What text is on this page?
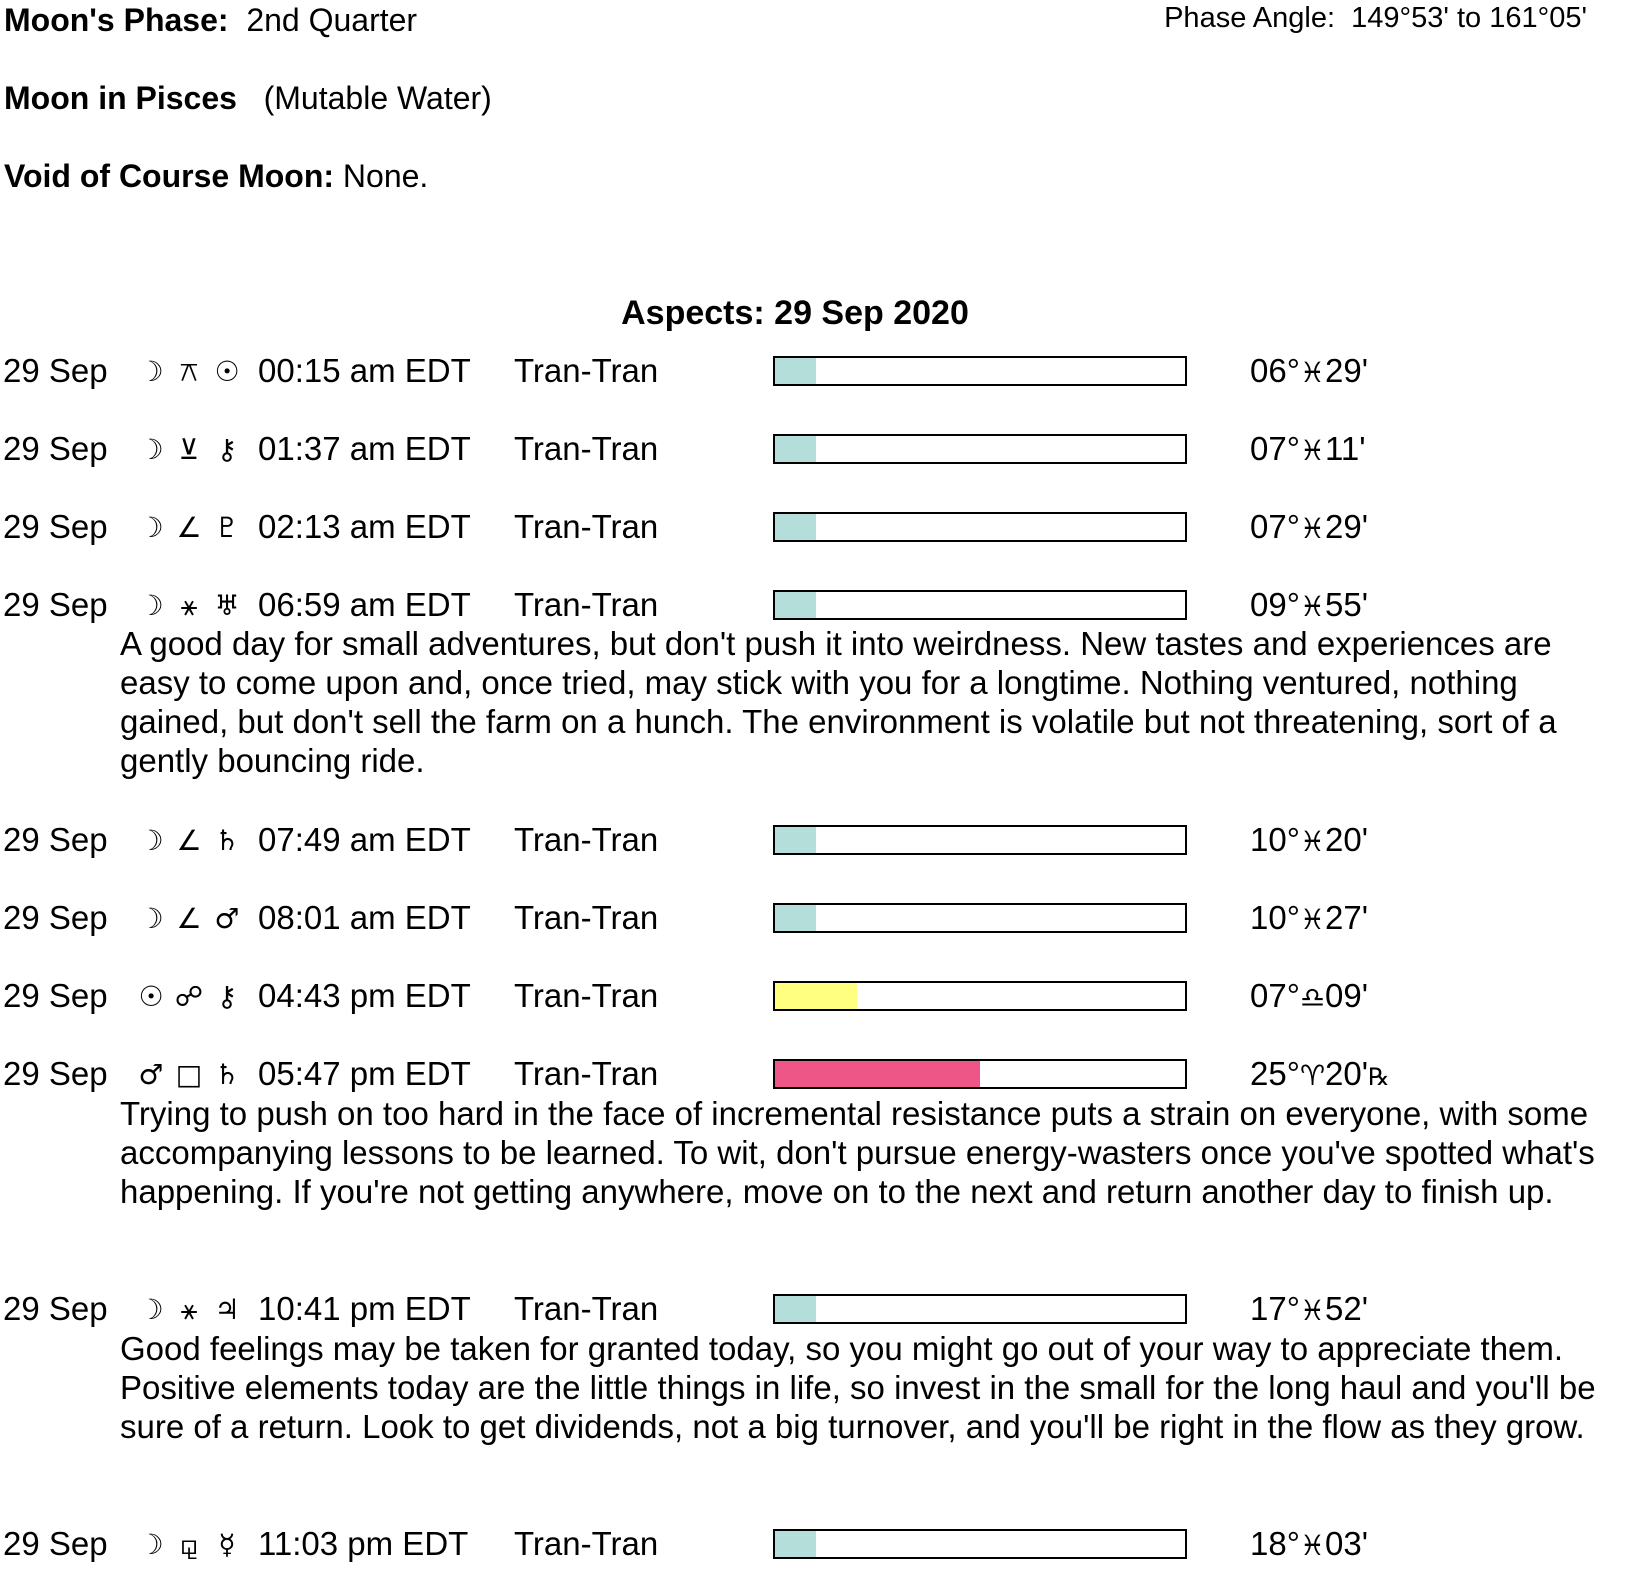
Moon's Phase: 2nd Quarter	Phase Angle: 149°53' to 161°05'
Moon in Pisces (Mutable Water)
Void of Course Moon: None.
Aspects: 29 Sep 2020
29 Sep ☽ ⚻ ☉ 00:15 am EDT Tran-Tran	06°♓29'
29 Sep ☽ ⊻ ⚷ 01:37 am EDT Tran-Tran	07°♓11'
29 Sep ☽ ∠ ♇ 02:13 am EDT Tran-Tran	07°♓29'
29 Sep ☽ ⚹ ♅ 06:59 am EDT Tran-Tran	09°♓55'
A good day for small adventures, but don't push it into weirdness. New tastes and experiences are easy to come upon and, once tried, may stick with you for a longtime. Nothing ventured, nothing gained, but don't sell the farm on a hunch. The environment is volatile but not threatening, sort of a gently bouncing ride.
29 Sep ☽ ∠ ♄ 07:49 am EDT Tran-Tran	10°♓20'
29 Sep ☽ ∠ ♂ 08:01 am EDT Tran-Tran	10°♓27'
29 Sep ☉ ☍ ⚷ 04:43 pm EDT Tran-Tran	07°♎09'
29 Sep ♂ □ ♄ 05:47 pm EDT Tran-Tran	25°♈20'℞
Trying to push on too hard in the face of incremental resistance puts a strain on everyone, with some accompanying lessons to be learned. To wit, don't pursue energy-wasters once you've spotted what's happening. If you're not getting anywhere, move on to the next and return another day to finish up.
29 Sep ☽ ⚹ ♃ 10:41 pm EDT Tran-Tran	17°♓52'
Good feelings may be taken for granted today, so you might go out of your way to appreciate them. Positive elements today are the little things in life, so invest in the small for the long haul and you'll be sure of a return. Look to get dividends, not a big turnover, and you'll be right in the flow as they grow.
29 Sep ☽ ⚼ ☿ 11:03 pm EDT Tran-Tran	18°♓03'
